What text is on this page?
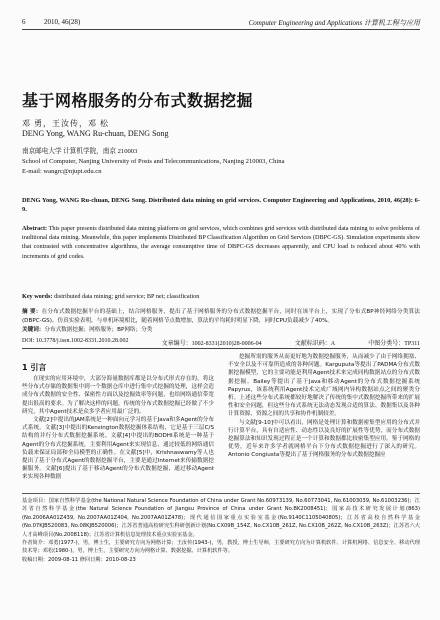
6	2010, 46(28)	Computer Engineering and Applications 计算机工程与应用
基于网格服务的分布式数据挖掘
邓 勇，王汝传，邓 松
DENG Yong, WANG Ru-chuan, DENG Song
南京邮电大学 计算机学院，南京 210003
School of Computer, Nanjing University of Posts and Telecommunications, Nanjing 210003, China
E-mail: wangrc@njupt.edu.cn
DENG Yong, WANG Ru-chuan, DENG Song. Distributed data mining on grid services. Computer Engineering and Applications, 2010, 46(28): 6-9.
Abstract: This paper presents distributed data mining platform on grid services, which combines grid services with distributed data mining to solve problems of traditional data mining. Meanwhile, this paper implements Distributed BP Classification Algorithm on Grid Services (DBPC-GS). Simulation experiments show that contrasted with concentrative algorithms, the average consumptive time of DBPC-GS decreases apparently, and CPU load is reduced about 40% with increments of grid codes.
Key words: distributed data mining; grid service; BP net; classification
摘 要：在分布式数据挖掘平台的基础上，结合网格服务，提出了基于网格服务的分布式数据挖掘平台，同时在该平台上，实现了分布式BP神经网络分类算法(DBPC-GS)。仿真实验表明，与单机环境相比，随着网格节点数增加，算法的平均耗时明显下降，同时CPU负载减少了40%。
关键词：分布式数据挖掘；网格服务；BP网络；分类
DOI: 10.3778/j.issn.1002-8331.2010.28.002	文章编号：1002-8331(2010)28-0006-04	文献标识码：A	中图分类号：TP311
1 引言

在现实的应用环境中，大部分海量数据库都是以分布式形式存在的，将这些分布式存储的数据集中到一个数据仓库中进行集中式挖掘的处理，这样会造成分布式数据的安全性、保密性方面以及挖掘效率等问题，也给网络通信带宽提出很高的要求。为了解决这样的问题，传统的分布式数据挖掘已经做了不少研究，其中Agent技术是众多学者应用最广泛的。

文献[2]中提出的JAM系统是一种面向元学习的基于Java和多Agent的分布式系统。文献[3]中提出的Kensington数据挖掘体系结构，它是基于三层C/S结构的并行分布式数据挖掘系统。文献[4]中提出的BODHI系统是一种基于Agent的分布式挖掘系统，主要利用Agent来实现信息，通过较低的网络通信负载来保证局部和全局模型的正确性。在文献[5]中，Krishnaswamy等人也提出了基于分布式Agent的数据挖掘平台，主要是通过Internet来传输数据挖掘服务。文献[6]提出了基于移动Agent的分布式数据挖掘，通过移动Agent来实现各种数据

挖掘所需的服务从而更好地为数据挖掘服务，从而减少了由于网络拥塞、不安全以及不可靠所造成的各种问题。Karguputa等提出了PADMA分布式数据挖掘模型，它的主要功能是利用Agent技术来完成同构数据站点的分布式数据挖掘。Bailey等提出了基于Java和移动Agent的分布式数据挖掘系统Papyrus，该系统利用Agent技术完成广域网内异构数据站点之间的聚类分析。上述这些分布式系统都较好地解决了传统的集中式数据挖掘所带来的扩展性和安全问题，但这些分布式系统无法动态发现合适的算法、数据集以及各种计算资源，资源之间的共享和协作机制较差。

与文献[9-10]中可以看出，网格是处理计算和数据密集型应用的分布式并行计算平台，具有自适应性、动态性以及良好的扩展性等优势，而分布式数据挖掘算法和知识发现过程正是一个计算和数据都比较密集型应用。鉴于网格的优势，近年来许多学者就网格平台下分布式数据挖掘进行了深入的研究。Antonio Congiusta等提出了基于网格服务的分布式数据挖掘应

基金项目：国家自然科学基金(the National Natural Science Foundation of China under Grant No.60973139, No.60773041, No.61003039, No.61003236)；江苏省自然科学基金(the Natural Science Foundation of Jiangsu Province of China under Grant No.BK2008451)；国家高技术研究发展计划(863)(No.2006AA01Z439, No.2007AA01Z404, No.2007AA01Z478)；现代通信国家重点实验室基金(No.9140C1105040805)；江苏省高校自然科学基金(No.07KJB520083, No.08KJB520006)；江苏省普通高校研究生科研创新计划(No.CX09B_154Z, No.CX10B_261Z, No.CX10B_262Z, No.CX10B_263Z)；江苏省六大人才高峰项目(No.2008118)；江苏省计算机信息处理技术重点实验室基金。

作者简介：邓勇(1977-)，男，博士生，主要研究方向为网格计算；王汝传(1943-)，男，教授，博士生导师，主要研究方向为计算机软件、计算机网络、信息安全、移动代理技术等；邓松(1980-)，男，博士生，主要研究方向为网格计算、数据挖掘、计算机软件等。

收稿日期：2009-08-11 修回日期：2010-08-23
